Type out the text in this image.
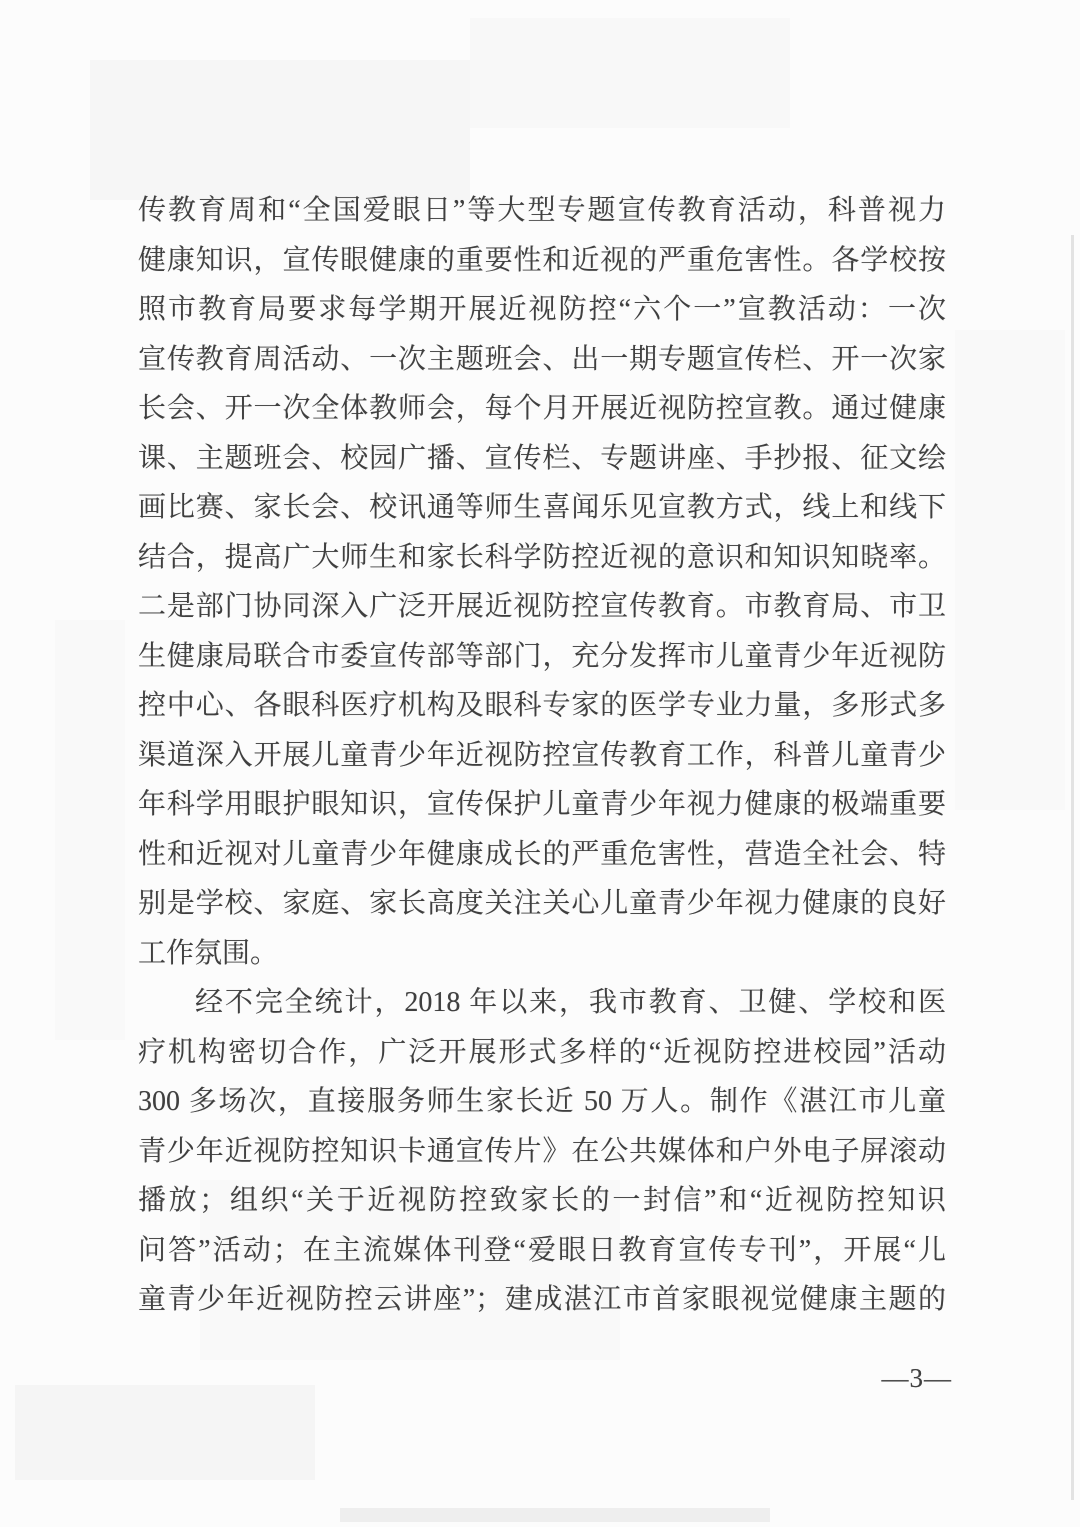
传教育周和“全国爱眼日”等大型专题宣传教育活动，科普视力
健康知识，宣传眼健康的重要性和近视的严重危害性。各学校按
照市教育局要求每学期开展近视防控“六个一”宣教活动：一次
宣传教育周活动、一次主题班会、出一期专题宣传栏、开一次家
长会、开一次全体教师会，每个月开展近视防控宣教。通过健康
课、主题班会、校园广播、宣传栏、专题讲座、手抄报、征文绘
画比赛、家长会、校讯通等师生喜闻乐见宣教方式，线上和线下
结合，提高广大师生和家长科学防控近视的意识和知识知晓率。
二是部门协同深入广泛开展近视防控宣传教育。市教育局、市卫
生健康局联合市委宣传部等部门，充分发挥市儿童青少年近视防
控中心、各眼科医疗机构及眼科专家的医学专业力量，多形式多
渠道深入开展儿童青少年近视防控宣传教育工作，科普儿童青少
年科学用眼护眼知识，宣传保护儿童青少年视力健康的极端重要
性和近视对儿童青少年健康成长的严重危害性，营造全社会、特
别是学校、家庭、家长高度关注关心儿童青少年视力健康的良好
工作氛围。
经不完全统计，2018 年以来，我市教育、卫健、学校和医
疗机构密切合作，广泛开展形式多样的“近视防控进校园”活动
300 多场次，直接服务师生家长近 50 万人。制作《湛江市儿童
青少年近视防控知识卡通宣传片》在公共媒体和户外电子屏滚动
播放；组织“关于近视防控致家长的一封信”和“近视防控知识
问答”活动；在主流媒体刊登“爱眼日教育宣传专刊”，开展“儿
童青少年近视防控云讲座”；建成湛江市首家眼视觉健康主题的
—3—
